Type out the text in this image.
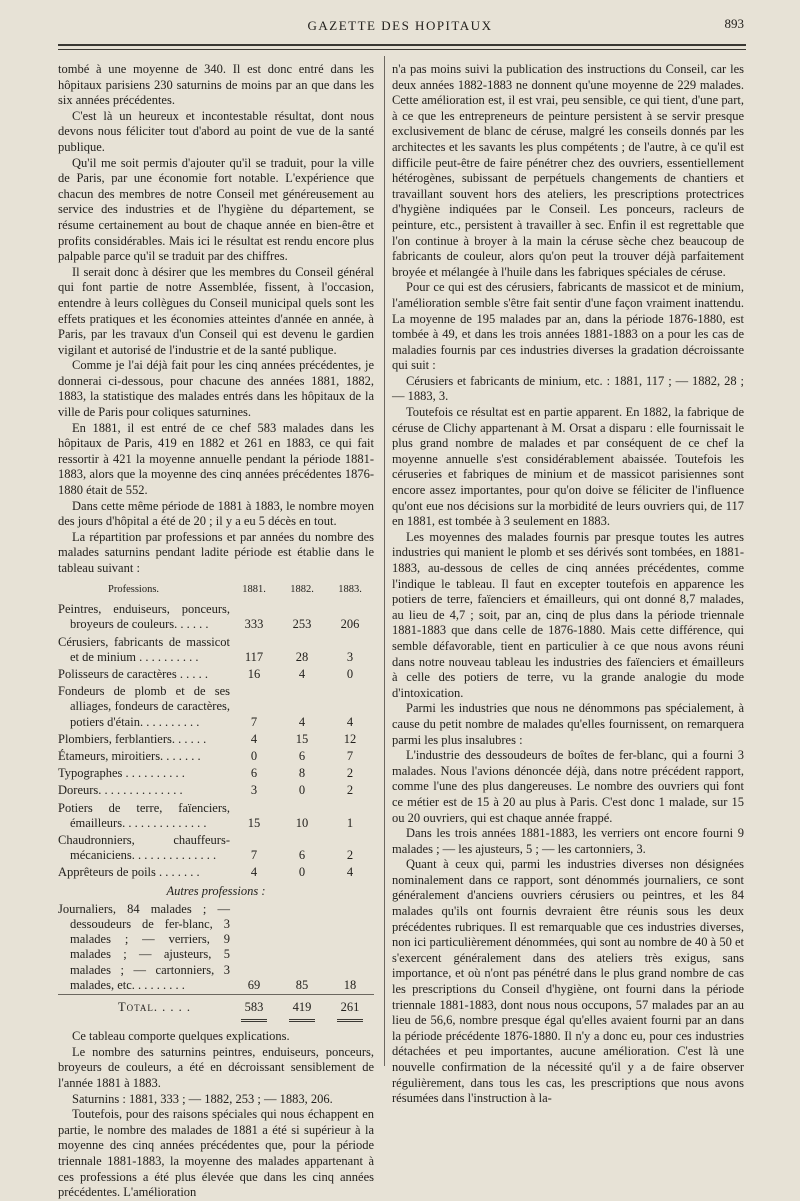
GAZETTE DES HOPITAUX	893

tombé à une moyenne de 340. Il est donc entré dans les hôpitaux parisiens 230 saturnins de moins par an que dans les six années précédentes.

C'est là un heureux et incontestable résultat, dont nous devons nous féliciter tout d'abord au point de vue de la santé publique.

Qu'il me soit permis d'ajouter qu'il se traduit, pour la ville de Paris, par une économie fort notable. L'expérience que chacun des membres de notre Conseil met généreusement au service des industries et de l'hygiène du département, se résume certainement au bout de chaque année en bien-être et profits considérables. Mais ici le résultat est rendu encore plus palpable parce qu'il se traduit par des chiffres.

Il serait donc à désirer que les membres du Conseil général qui font partie de notre Assemblée, fissent, à l'occasion, entendre à leurs collègues du Conseil municipal quels sont les effets pratiques et les économies atteintes d'année en année, à Paris, par les travaux d'un Conseil qui est devenu le gardien vigilant et autorisé de l'industrie et de la santé publique.

Comme je l'ai déjà fait pour les cinq années précédentes, je donnerai ci-dessous, pour chacune des années 1881, 1882, 1883, la statistique des malades entrés dans les hôpitaux de la ville de Paris pour coliques saturnines.

En 1881, il est entré de ce chef 583 malades dans les hôpitaux de Paris, 419 en 1882 et 261 en 1883, ce qui fait ressortir à 421 la moyenne annuelle pendant la période 1881-1883, alors que la moyenne des cinq années précédentes 1876-1880 était de 552.

Dans cette même période de 1881 à 1883, le nombre moyen des jours d'hôpital a été de 20 ; il y a eu 5 décès en tout.

La répartition par professions et par années du nombre des malades saturnins pendant ladite période est établie dans le tableau suivant :

Professions.	1881.	1882.	1883.
Peintres, enduiseurs, ponceurs, broyeurs de couleurs. . . . . .	333	253	206
Cérusiers, fabricants de massicot et de minium . . . . . . . . . .	117	28	3
Polisseurs de caractères . . . . .	16	4	0
Fondeurs de plomb et de ses alliages, fondeurs de caractères, potiers d'étain. . . . . . . . . .	7	4	4
Plombiers, ferblantiers. . . . . .	4	15	12
Étameurs, miroitiers. . . . . . .	0	6	7
Typographes . . . . . . . . . .	6	8	2
Doreurs. . . . . . . . . . . . . .	3	0	2
Potiers de terre, faïenciers, émailleurs. . . . . . . . . . . . . .	15	10	1
Chaudronniers, chauffeurs-mécaniciens. . . . . . . . . . . . . .	7	6	2
Apprêteurs de poils . . . . . . .	4	0	4
Autres professions :			
Journaliers, 84 malades ; — dessoudeurs de fer-blanc, 3 malades ; — verriers, 9 malades ; — ajusteurs, 5 malades ; — cartonniers, 3 malades, etc. . . . . . . . .	69	85	18
Total. . . . .	583	419	261

Ce tableau comporte quelques explications.

Le nombre des saturnins peintres, enduiseurs, ponceurs, broyeurs de couleurs, a été en décroissant sensiblement de l'année 1881 à 1883.

Saturnins : 1881, 333 ; — 1882, 253 ; — 1883, 206.

Toutefois, pour des raisons spéciales qui nous échappent en partie, le nombre des malades de 1881 a été si supérieur à la moyenne des cinq années précédentes que, pour la période triennale 1881-1883, la moyenne des malades appartenant à ces professions a été plus élevée que dans les cinq années précédentes. L'amélioration

n'a pas moins suivi la publication des instructions du Conseil, car les deux années 1882-1883 ne donnent qu'une moyenne de 229 malades. Cette amélioration est, il est vrai, peu sensible, ce qui tient, d'une part, à ce que les entrepreneurs de peinture persistent à se servir presque exclusivement de blanc de céruse, malgré les conseils donnés par les architectes et les savants les plus compétents ; de l'autre, à ce qu'il est difficile peut-être de faire pénétrer chez des ouvriers, essentiellement hétérogènes, subissant de perpétuels changements de chantiers et travaillant souvent hors des ateliers, les prescriptions protectrices d'hygiène indiquées par le Conseil. Les ponceurs, racleurs de peinture, etc., persistent à travailler à sec. Enfin il est regrettable que l'on continue à broyer à la main la céruse sèche chez beaucoup de fabricants de couleur, alors qu'on peut la trouver déjà parfaitement broyée et mélangée à l'huile dans les fabriques spéciales de céruse.

Pour ce qui est des cérusiers, fabricants de massicot et de minium, l'amélioration semble s'être fait sentir d'une façon vraiment inattendu. La moyenne de 195 malades par an, dans la période 1876-1880, est tombée à 49, et dans les trois années 1881-1883 on a pour les cas de maladies fournis par ces industries diverses la gradation décroissante qui suit :

Cérusiers et fabricants de minium, etc. : 1881, 117 ; — 1882, 28 ; — 1883, 3.

Toutefois ce résultat est en partie apparent. En 1882, la fabrique de céruse de Clichy appartenant à M. Orsat a disparu : elle fournissait le plus grand nombre de malades et par conséquent de ce chef la moyenne annuelle s'est considérablement abaissée. Toutefois les céruseries et fabriques de minium et de massicot parisiennes sont encore assez importantes, pour qu'on doive se féliciter de l'influence qu'ont eue nos décisions sur la morbidité de leurs ouvriers qui, de 117 en 1881, est tombée à 3 seulement en 1883.

Les moyennes des malades fournis par presque toutes les autres industries qui manient le plomb et ses dérivés sont tombées, en 1881-1883, au-dessous de celles de cinq années précédentes, comme l'indique le tableau. Il faut en excepter toutefois en apparence les potiers de terre, faïenciers et émailleurs, qui ont donné 8,7 malades, au lieu de 4,7 ; soit, par an, cinq de plus dans la période triennale 1881-1883 que dans celle de 1876-1880. Mais cette différence, qui semble défavorable, tient en particulier à ce que nous avons réuni dans notre nouveau tableau les industries des faïenciers et émailleurs à celle des potiers de terre, vu la grande analogie du mode d'intoxication.

Parmi les industries que nous ne dénommons pas spécialement, à cause du petit nombre de malades qu'elles fournissent, on remarquera parmi les plus insalubres :

L'industrie des dessoudeurs de boîtes de fer-blanc, qui a fourni 3 malades. Nous l'avions dénoncée déjà, dans notre précédent rapport, comme l'une des plus dangereuses. Le nombre des ouvriers qui font ce métier est de 15 à 20 au plus à Paris. C'est donc 1 malade, sur 15 ou 20 ouvriers, qui est chaque année frappé.

Dans les trois années 1881-1883, les verriers ont encore fourni 9 malades ; — les ajusteurs, 5 ; — les cartonniers, 3.

Quant à ceux qui, parmi les industries diverses non désignées nominalement dans ce rapport, sont dénommés journaliers, ce sont généralement d'anciens ouvriers cérusiers ou peintres, et les 84 malades qu'ils ont fournis devraient être réunis sous les deux précédentes rubriques. Il est remarquable que ces industries diverses, non ici particulièrement dénommées, qui sont au nombre de 40 à 50 et s'exercent généralement dans des ateliers très exigus, sans importance, et où n'ont pas pénétré dans le plus grand nombre de cas les prescriptions du Conseil d'hygiène, ont fourni dans la période triennale 1881-1883, dont nous nous occupons, 57 malades par an au lieu de 56,6, nombre presque égal qu'elles avaient fourni par an dans la période précédente 1876-1880. Il n'y a donc eu, pour ces industries détachées et peu importantes, aucune amélioration. C'est là une nouvelle confirmation de la nécessité qu'il y a de faire observer régulièrement, dans tous les cas, les prescriptions que nous avons résumées dans l'instruction à la-
